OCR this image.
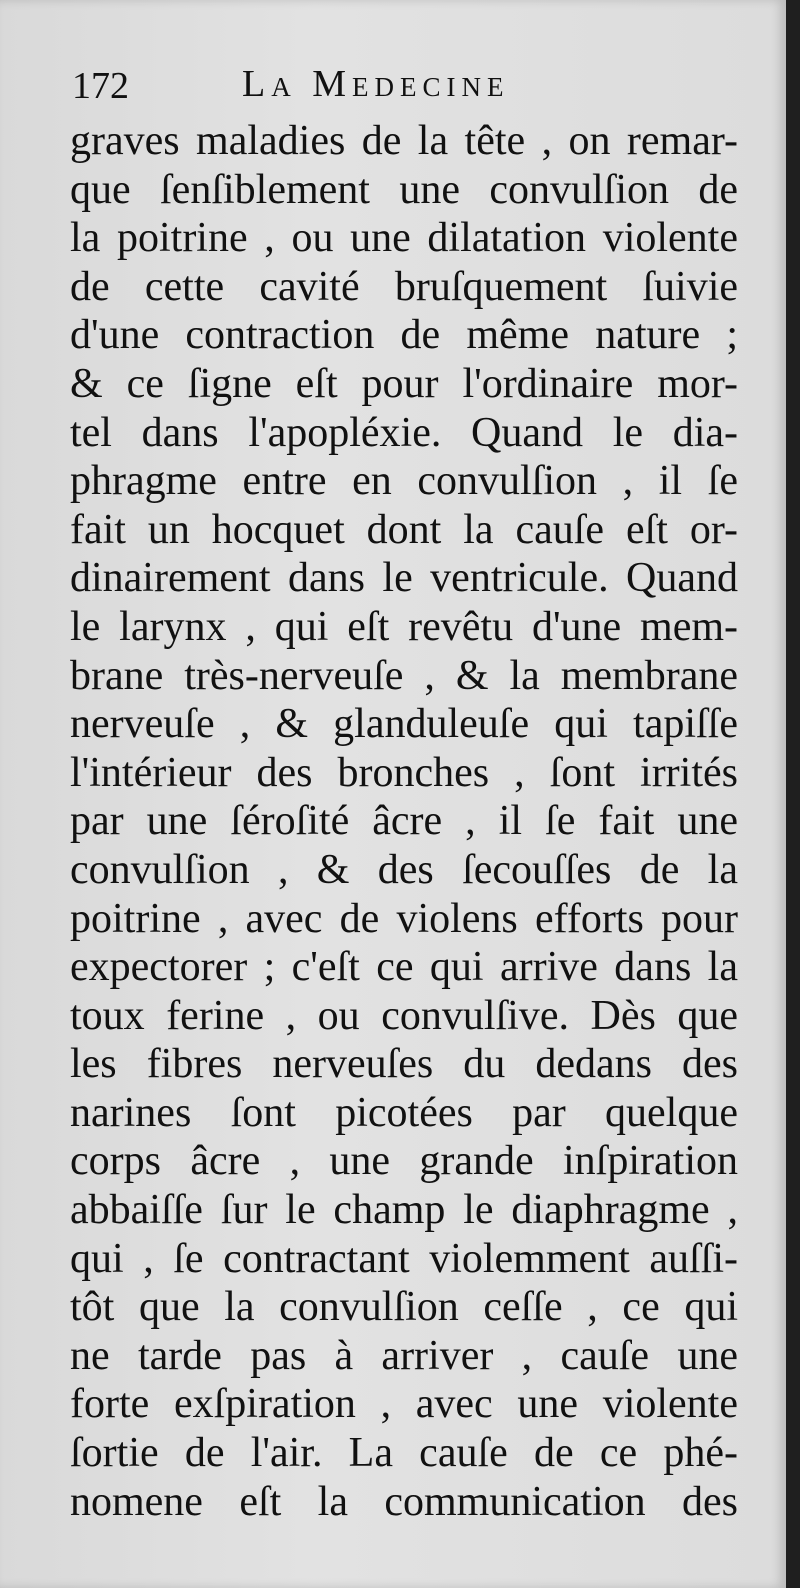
172	La Medecine
graves maladies de la tête , on remar-
que ſenſiblement une convulſion de
la poitrine , ou une dilatation violente
de cette cavité bruſquement ſuivie
d'une contraction de même nature ;
& ce ſigne eſt pour l'ordinaire mor-
tel dans l'apopléxie. Quand le dia-
phragme entre en convulſion , il ſe
fait un hocquet dont la cauſe eſt or-
dinairement dans le ventricule. Quand
le larynx , qui eſt revêtu d'une mem-
brane très-nerveuſe , & la membrane
nerveuſe , & glanduleuſe qui tapiſſe
l'intérieur des bronches , ſont irrités
par une ſéroſité âcre , il ſe fait une
convulſion , & des ſecouſſes de la
poitrine , avec de violens efforts pour
expectorer ; c'eſt ce qui arrive dans la
toux ferine , ou convulſive. Dès que
les fibres nerveuſes du dedans des
narines ſont picotées par quelque
corps âcre , une grande inſpiration
abbaiſſe ſur le champ le diaphragme ,
qui , ſe contractant violemment auſſi-
tôt que la convulſion ceſſe , ce qui
ne tarde pas à arriver , cauſe une
forte exſpiration , avec une violente
ſortie de l'air. La cauſe de ce phé-
nomene eſt la communication des
